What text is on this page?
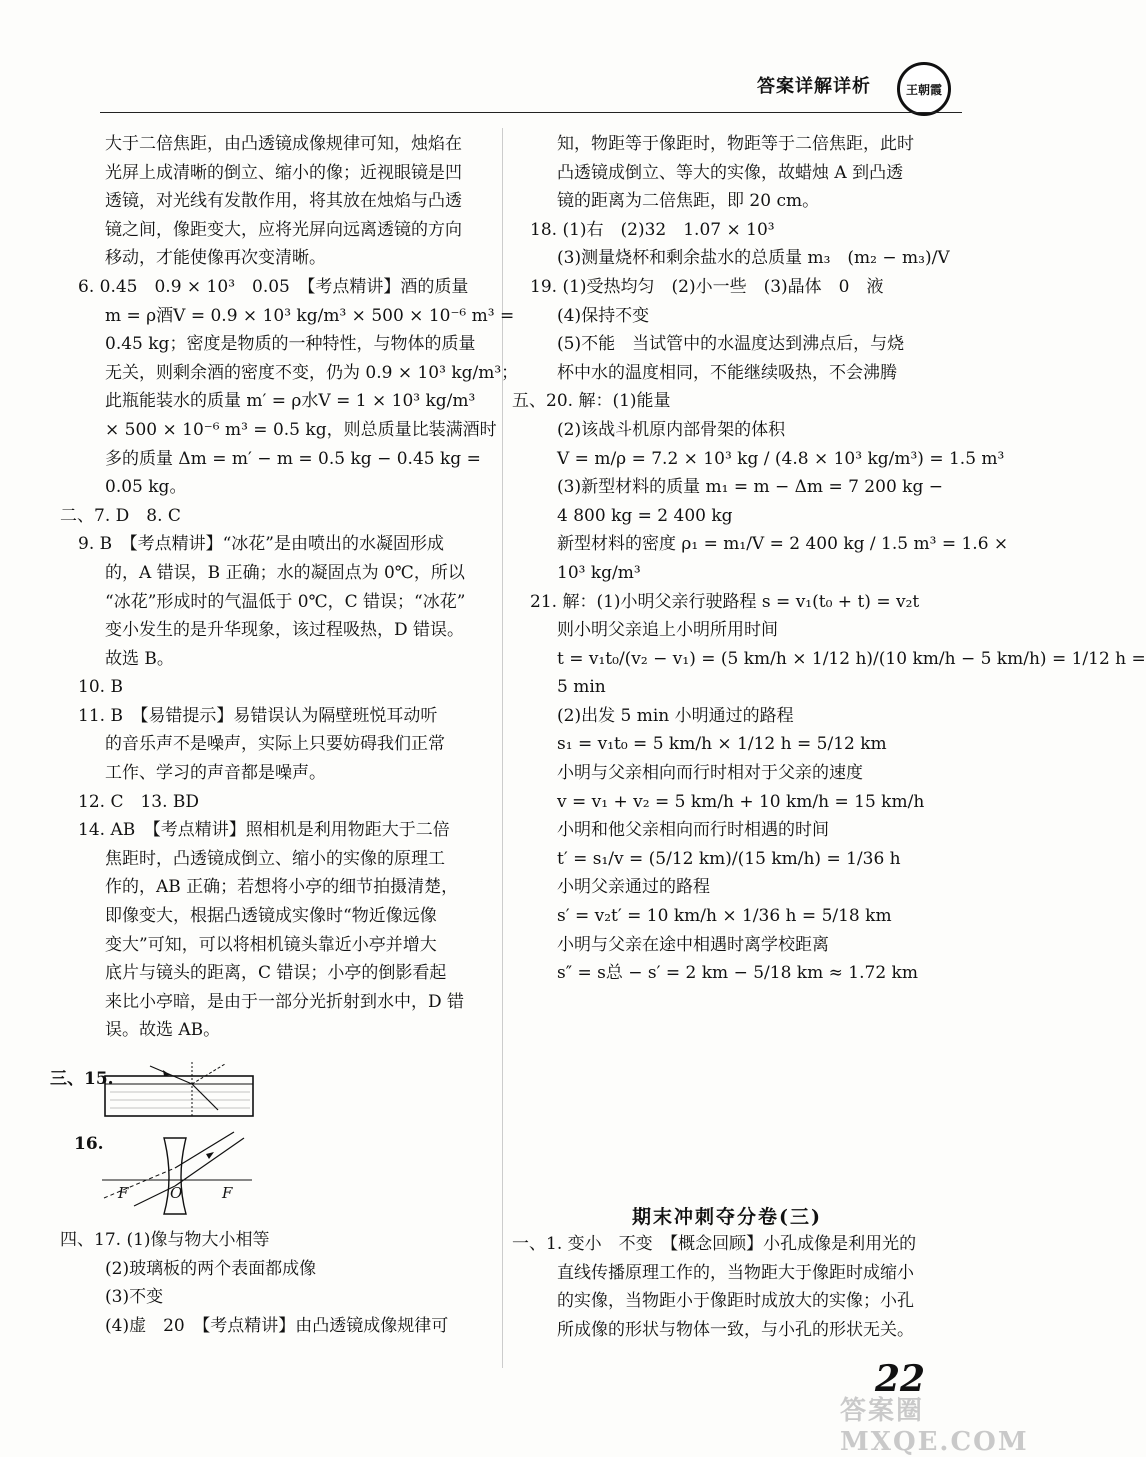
答案详解详析	王朝霞
大于二倍焦距，由凸透镜成像规律可知，烛焰在
光屏上成清晰的倒立、缩小的像；近视眼镜是凹
透镜，对光线有发散作用，将其放在烛焰与凸透
镜之间，像距变大，应将光屏向远离透镜的方向
移动，才能使像再次变清晰。
6. 0.45　0.9 × 10³　0.05　【考点精讲】酒的质量
m = ρ酒V = 0.9 × 10³ kg/m³ × 500 × 10⁻⁶ m³ =
0.45 kg；密度是物质的一种特性，与物体的质量
无关，则剩余酒的密度不变，仍为 0.9 × 10³ kg/m³；
此瓶能装水的质量 m′ = ρ水V = 1 × 10³ kg/m³
× 500 × 10⁻⁶ m³ = 0.5 kg，则总质量比装满酒时
多的质量 Δm = m′ − m = 0.5 kg − 0.45 kg =
0.05 kg。
二、7. D　8. C
9. B　【考点精讲】“冰花”是由喷出的水凝固形成
的，A 错误，B 正确；水的凝固点为 0℃，所以
“冰花”形成时的气温低于 0℃，C 错误；“冰花”
变小发生的是升华现象，该过程吸热，D 错误。
故选 B。
10. B
11. B　【易错提示】易错误认为隔壁班悦耳动听
的音乐声不是噪声，实际上只要妨碍我们正常
工作、学习的声音都是噪声。
12. C　13. BD
14. AB　【考点精讲】照相机是利用物距大于二倍
焦距时，凸透镜成倒立、缩小的实像的原理工
作的，AB 正确；若想将小亭的细节拍摄清楚，
即像变大，根据凸透镜成实像时“物近像远像
变大”可知，可以将相机镜头靠近小亭并增大
底片与镜头的距离，C 错误；小亭的倒影看起
来比小亭暗，是由于一部分光折射到水中，D 错
误。故选 AB。
三、15.
16.
F	O	F
四、17. (1)像与物大小相等
(2)玻璃板的两个表面都成像
(3)不变
(4)虚　20　【考点精讲】由凸透镜成像规律可
知，物距等于像距时，物距等于二倍焦距，此时
凸透镜成倒立、等大的实像，故蜡烛 A 到凸透
镜的距离为二倍焦距，即 20 cm。
18. (1)右　(2)32　1.07 × 10³
(3)测量烧杯和剩余盐水的总质量 m₃　(m₂ − m₃)/V
19. (1)受热均匀　(2)小一些　(3)晶体　0　液
(4)保持不变
(5)不能　当试管中的水温度达到沸点后，与烧
杯中水的温度相同，不能继续吸热，不会沸腾
五、20. 解：(1)能量
(2)该战斗机原内部骨架的体积
V = m/ρ = 7.2 × 10³ kg / (4.8 × 10³ kg/m³) = 1.5 m³
(3)新型材料的质量 m₁ = m − Δm = 7 200 kg −
4 800 kg = 2 400 kg
新型材料的密度 ρ₁ = m₁/V = 2 400 kg / 1.5 m³ = 1.6 ×
10³ kg/m³
21. 解：(1)小明父亲行驶路程 s = v₁(t₀ + t) = v₂t
则小明父亲追上小明所用时间
t = v₁t₀/(v₂ − v₁) = (5 km/h × 1/12 h)/(10 km/h − 5 km/h) = 1/12 h =
5 min
(2)出发 5 min 小明通过的路程
s₁ = v₁t₀ = 5 km/h × 1/12 h = 5/12 km
小明与父亲相向而行时相对于父亲的速度
v = v₁ + v₂ = 5 km/h + 10 km/h = 15 km/h
小明和他父亲相向而行时相遇的时间
t′ = s₁/v = (5/12 km)/(15 km/h) = 1/36 h
小明父亲通过的路程
s′ = v₂t′ = 10 km/h × 1/36 h = 5/18 km
小明与父亲在途中相遇时离学校距离
s″ = s总 − s′ = 2 km − 5/18 km ≈ 1.72 km
期末冲刺夺分卷(三)
一、1. 变小　不变　【概念回顾】小孔成像是利用光的
直线传播原理工作的，当物距大于像距时成缩小
的实像，当物距小于像距时成放大的实像；小孔
所成像的形状与物体一致，与小孔的形状无关。
22
答案圈 MXQE.COM
